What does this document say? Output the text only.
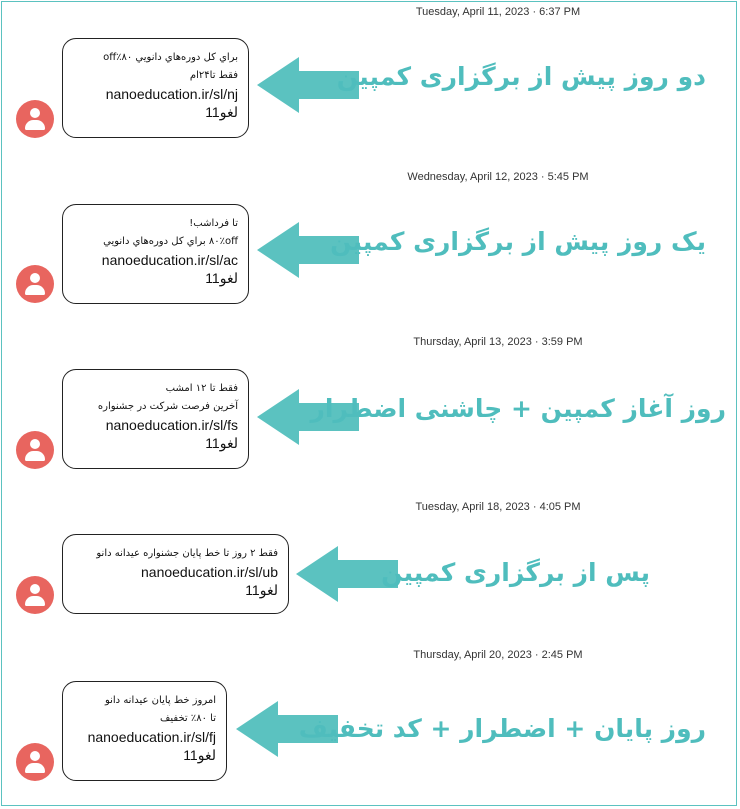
Tuesday, April 11, 2023 · 6:37 PM
براي كل دوره‌هاي دانويي ۸۰٪off
فقط تا۲۴ام
nanoeducation.ir/sl/nj
لغو11
دو روز پیش از برگزاری کمپین
Wednesday, April 12, 2023 · 5:45 PM
تا فرداشب!
۸۰٪off براي كل دوره‌هاي دانويي
nanoeducation.ir/sl/ac
لغو11
یک روز پیش از برگزاری کمپین
Thursday, April 13, 2023 · 3:59 PM
فقط تا ۱۲ امشب
آخرين فرصت شركت در جشنواره
nanoeducation.ir/sl/fs
لغو11
روز آغاز کمپین + چاشنی اضطرار
Tuesday, April 18, 2023 · 4:05 PM
فقط ۲ روز تا خط پايان جشنواره عيدانه دانو
nanoeducation.ir/sl/ub
لغو11
پس از برگزاری کمپین
Thursday, April 20, 2023 · 2:45 PM
امروز خط پايان عيدانه دانو
تا ۸۰٪ تخفيف
nanoeducation.ir/sl/fj
لغو11
روز پایان + اضطرار + کد تخفیف
